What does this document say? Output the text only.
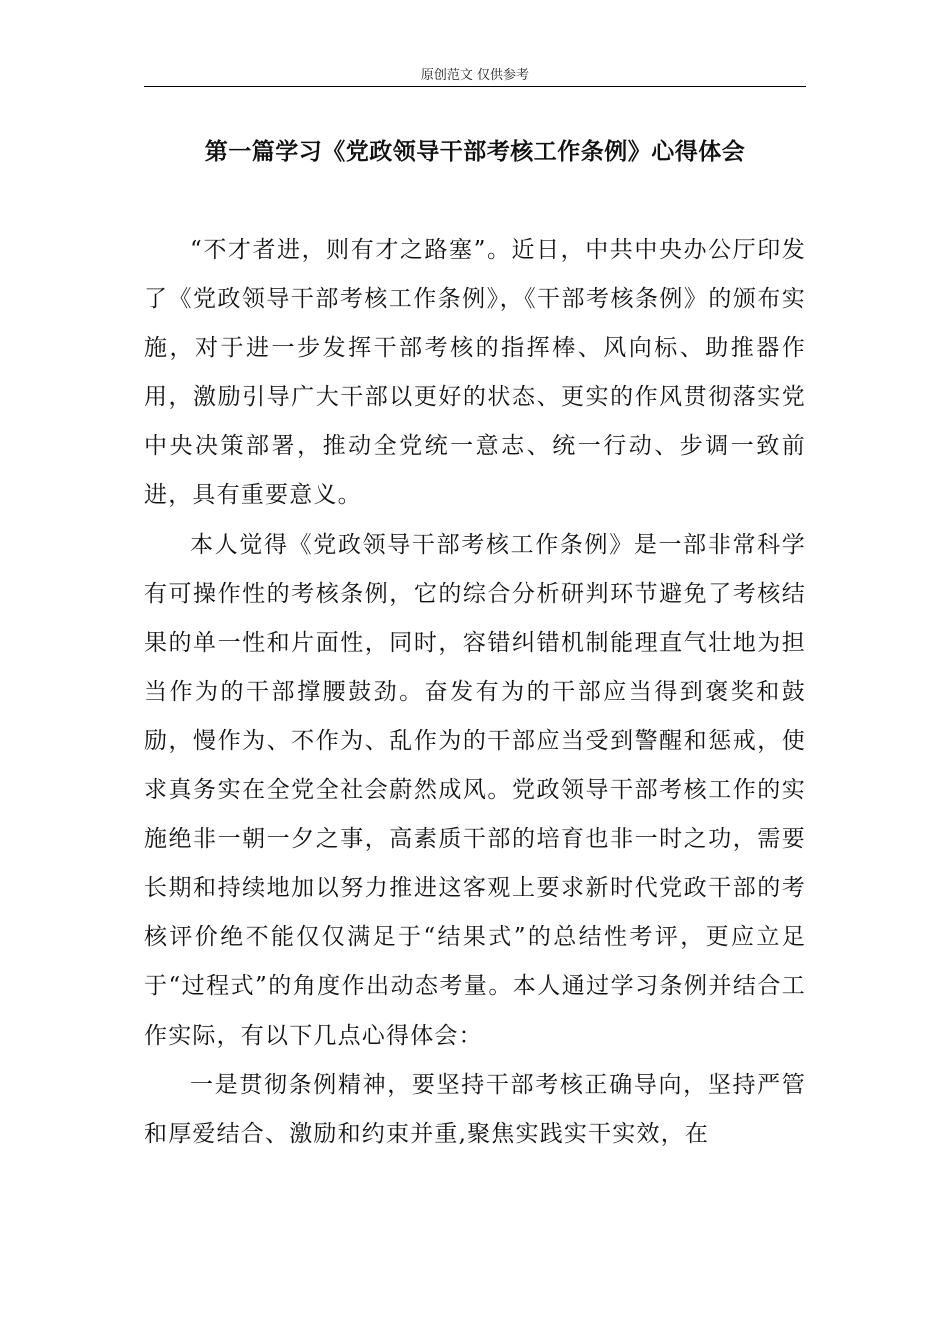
原创范文 仅供参考
第一篇学习《党政领导干部考核工作条例》心得体会

“不才者进，则有才之路塞”。近日，中共中央办公厅印发了《党政领导干部考核工作条例》，《干部考核条例》的颁布实施，对于进一步发挥干部考核的指挥棒、风向标、助推器作用，激励引导广大干部以更好的状态、更实的作风贯彻落实党中央决策部署，推动全党统一意志、统一行动、步调一致前进，具有重要意义。

本人觉得《党政领导干部考核工作条例》是一部非常科学有可操作性的考核条例，它的综合分析研判环节避免了考核结果的单一性和片面性，同时，容错纠错机制能理直气壮地为担当作为的干部撑腰鼓劲。奋发有为的干部应当得到褒奖和鼓励，慢作为、不作为、乱作为的干部应当受到警醒和惩戒，使求真务实在全党全社会蔚然成风。党政领导干部考核工作的实施绝非一朝一夕之事，高素质干部的培育也非一时之功，需要长期和持续地加以努力推进这客观上要求新时代党政干部的考核评价绝不能仅仅满足于“结果式”的总结性考评，更应立足于“过程式”的角度作出动态考量。本人通过学习条例并结合工作实际，有以下几点心得体会：

一是贯彻条例精神，要坚持干部考核正确导向，坚持严管和厚爱结合、激励和约束并重,聚焦实践实干实效，在
